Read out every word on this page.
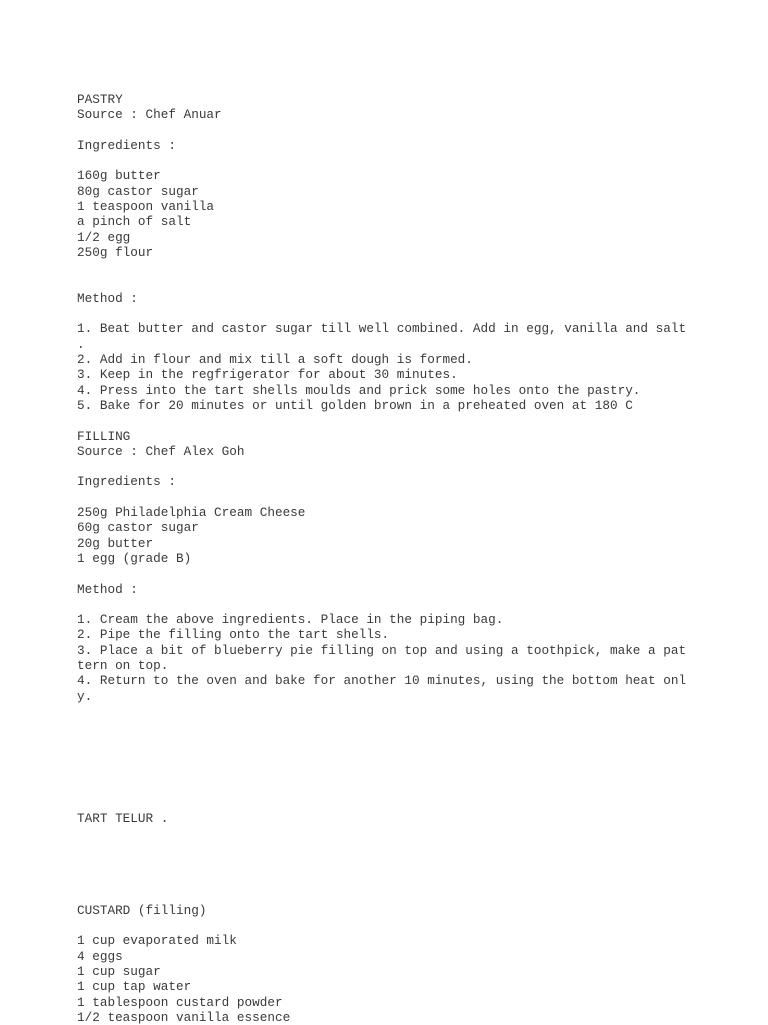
PASTRY
Source : Chef Anuar
Ingredients :
160g butter
80g castor sugar
1 teaspoon vanilla
a pinch of salt
1/2 egg
250g flour
Method :
1. Beat butter and castor sugar till well combined. Add in egg, vanilla and salt
.
2. Add in flour and mix till a soft dough is formed.
3. Keep in the regfrigerator for about 30 minutes.
4. Press into the tart shells moulds and prick some holes onto the pastry.
5. Bake for 20 minutes or until golden brown in a preheated oven at 180 C
FILLING
Source : Chef Alex Goh
Ingredients :
250g Philadelphia Cream Cheese
60g castor sugar
20g butter
1 egg (grade B)
Method :
1. Cream the above ingredients. Place in the piping bag.
2. Pipe the filling onto the tart shells.
3. Place a bit of blueberry pie filling on top and using a toothpick, make a pat
tern on top.
4. Return to the oven and bake for another 10 minutes, using the bottom heat onl
y.
TART TELUR .
CUSTARD (filling)
1 cup evaporated milk
4 eggs
1 cup sugar
1 cup tap water
1 tablespoon custard powder
1/2 teaspoon vanilla essence
